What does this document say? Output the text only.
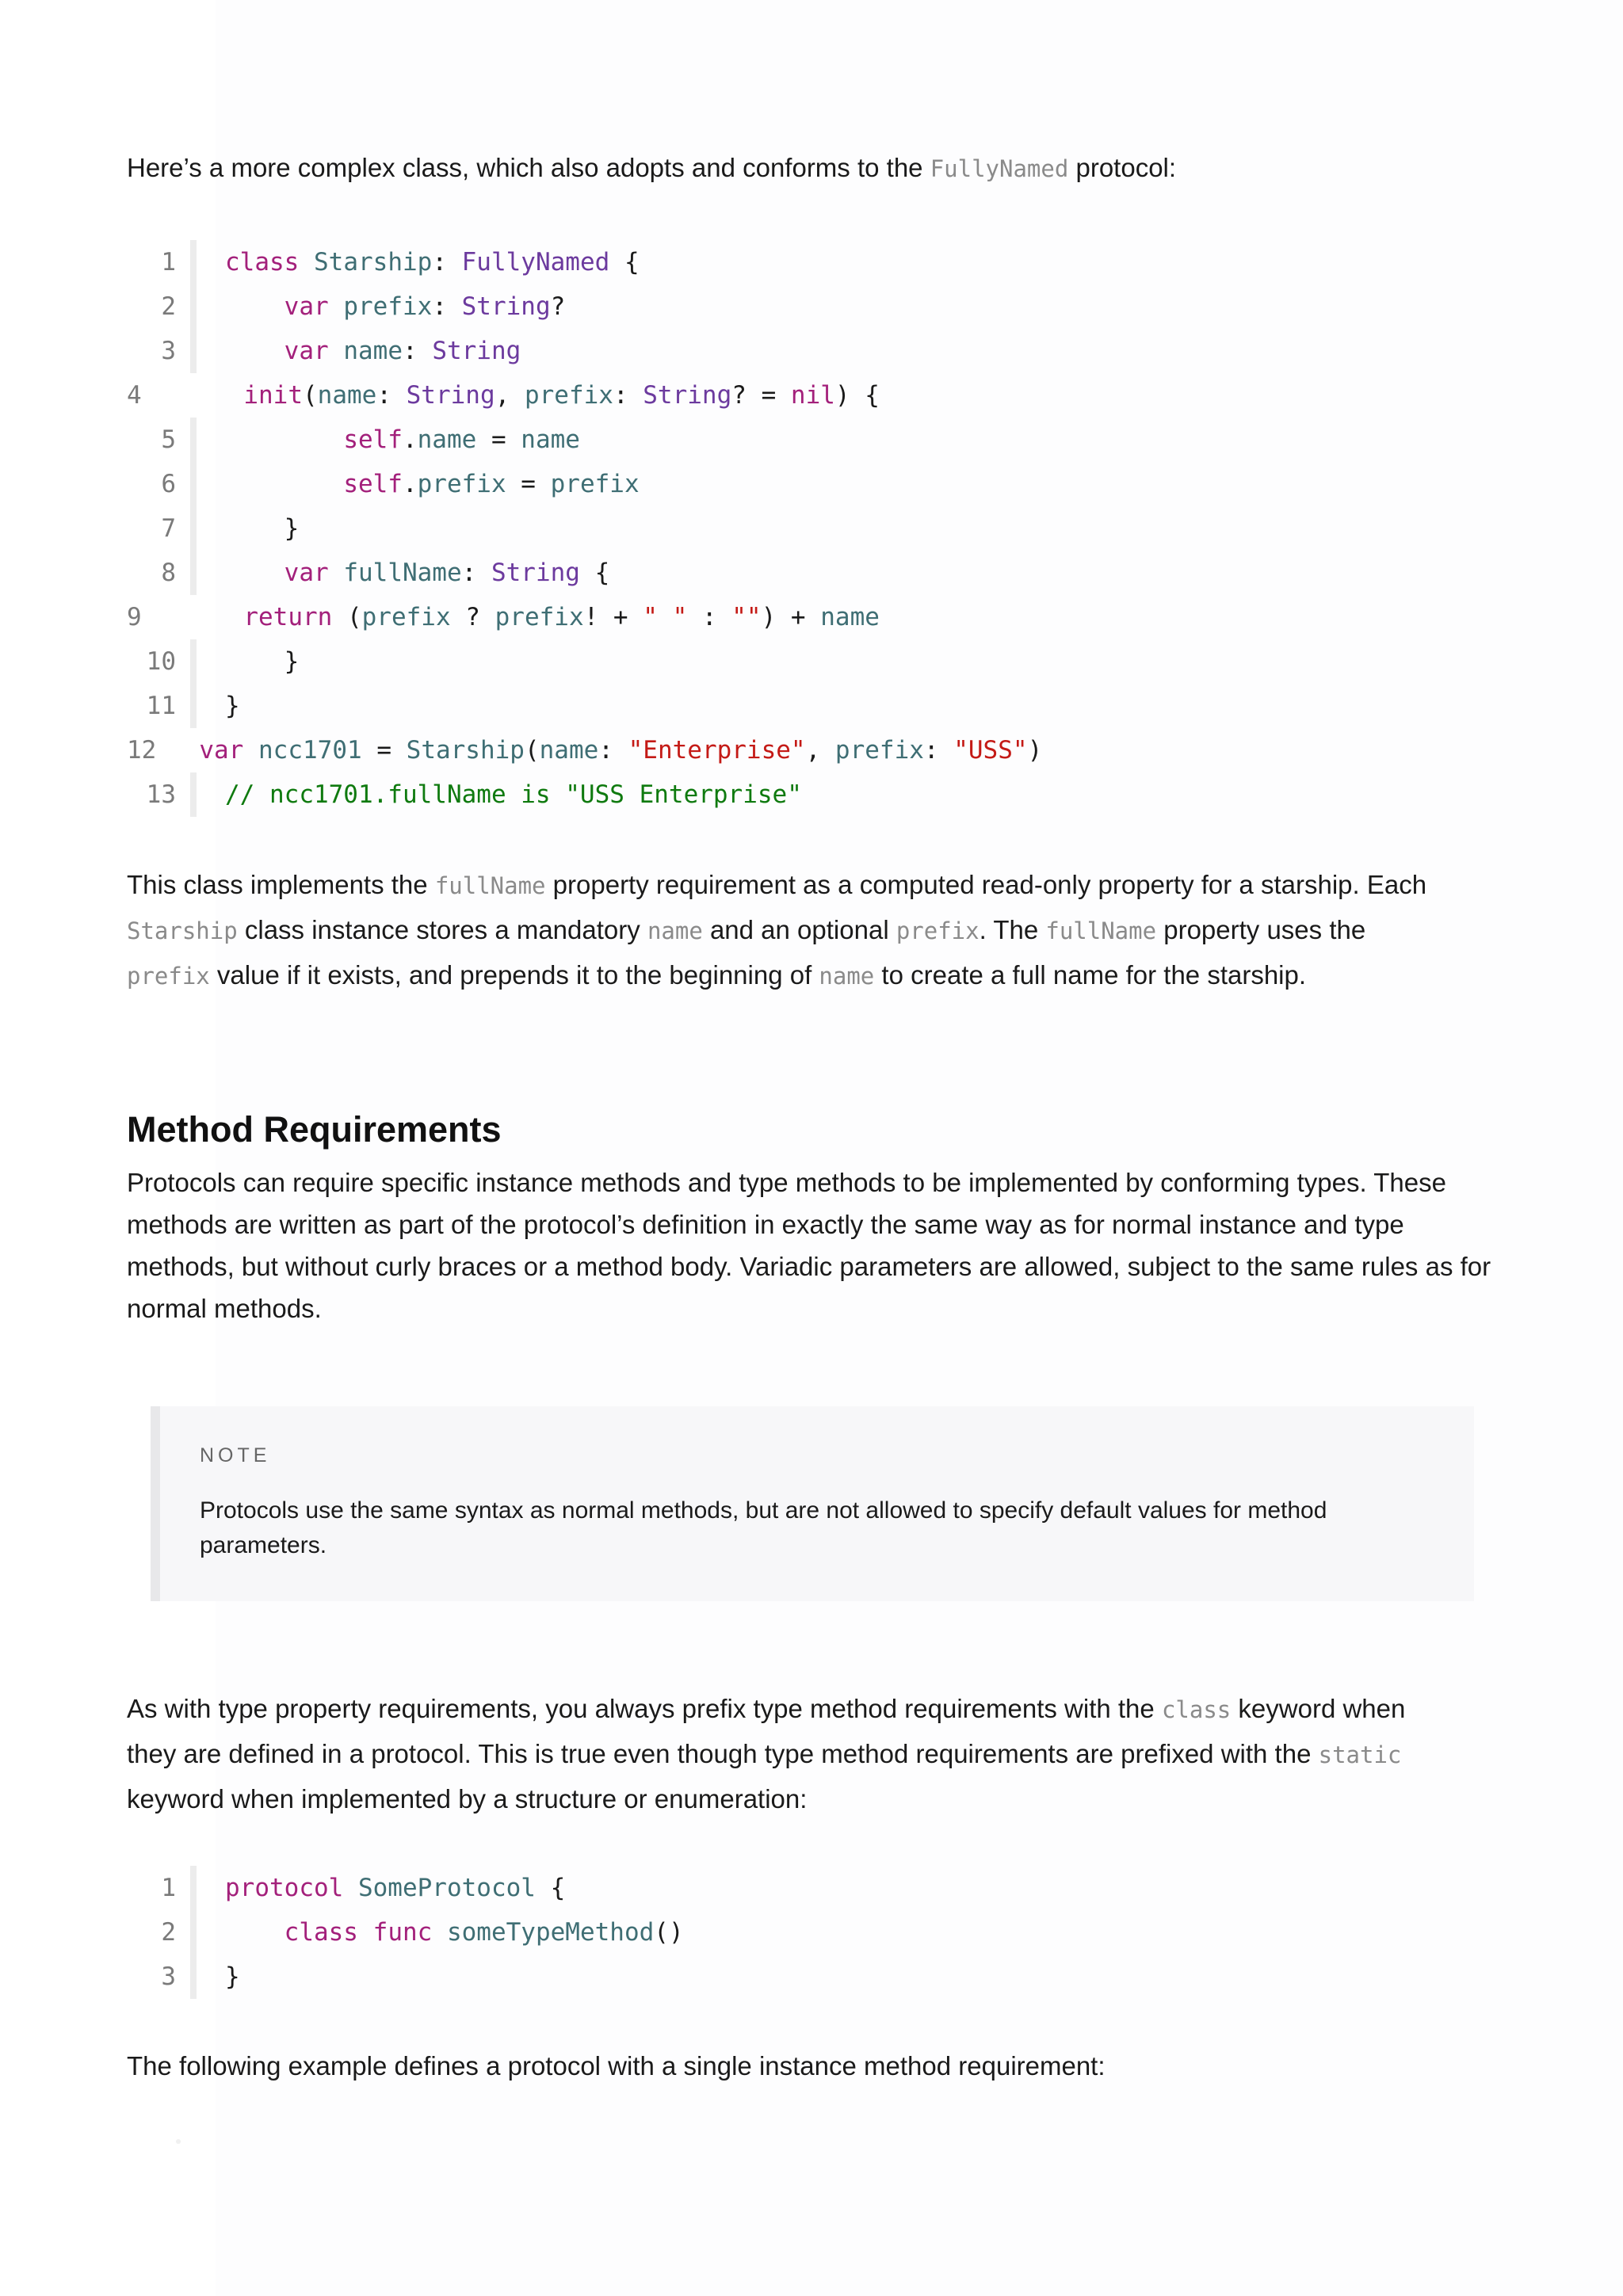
Here’s a more complex class, which also adopts and conforms to the FullyNamed protocol:

1	class Starship: FullyNamed {
2	var prefix: String?
3	var name: String
4	init(name: String, prefix: String? = nil) {
5	self.name = name
6	self.prefix = prefix
7	}
8	var fullName: String {
9	return (prefix ? prefix! + " " : "") + name
10	}
11	}
12	var ncc1701 = Starship(name: "Enterprise", prefix: "USS")
13	// ncc1701.fullName is "USS Enterprise"

This class implements the fullName property requirement as a computed read-only property for a starship. Each
Starship class instance stores a mandatory name and an optional prefix. The fullName property uses the
prefix value if it exists, and prepends it to the beginning of name to create a full name for the starship.

Method Requirements

Protocols can require specific instance methods and type methods to be implemented by conforming types. These methods are written as part of the protocol’s definition in exactly the same way as for normal instance and type methods, but without curly braces or a method body. Variadic parameters are allowed, subject to the same rules as for normal methods.

NOTE
Protocols use the same syntax as normal methods, but are not allowed to specify default values for method parameters.

As with type property requirements, you always prefix type method requirements with the class keyword when
they are defined in a protocol. This is true even though type method requirements are prefixed with the static
keyword when implemented by a structure or enumeration:

1	protocol SomeProtocol {
2	class func someTypeMethod()
3	}

The following example defines a protocol with a single instance method requirement:
